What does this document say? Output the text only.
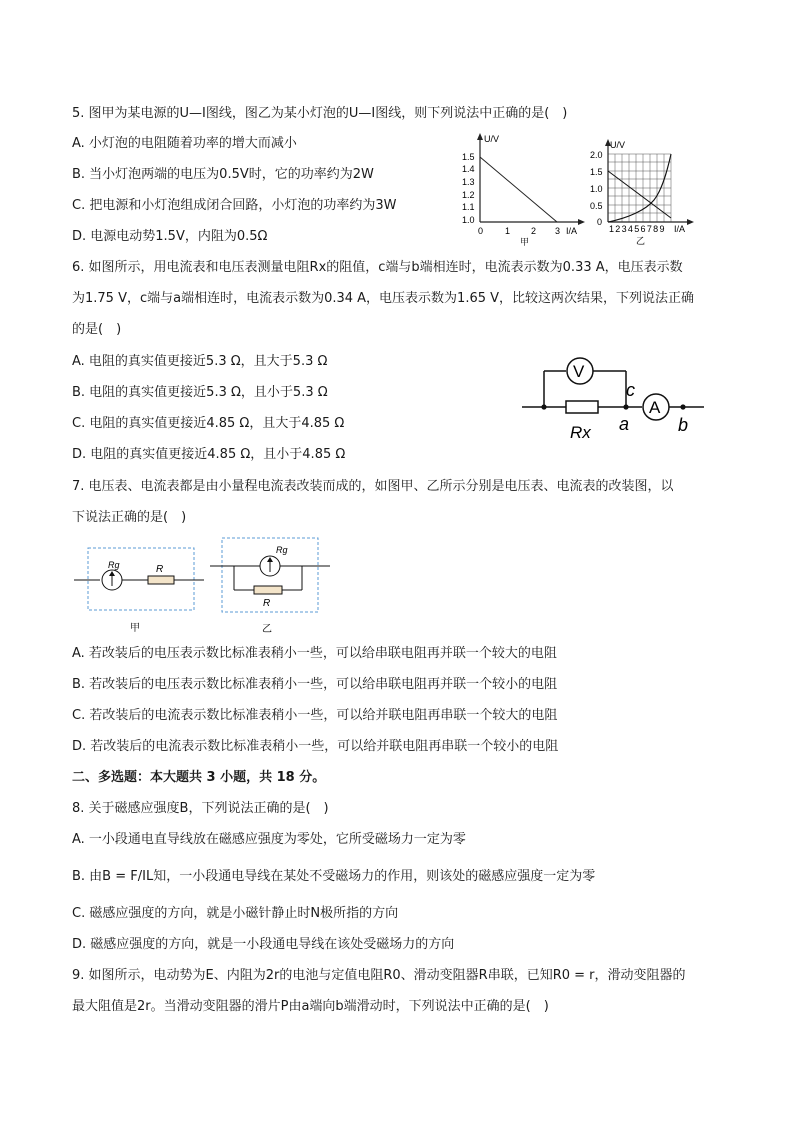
5. 图甲为某电源的U—I图线，图乙为某小灯泡的U—I图线，则下列说法中正确的是(　)
A. 小灯泡的电阻随着功率的增大而减小
B. 当小灯泡两端的电压为0.5V时，它的功率约为2W
C. 把电源和小灯泡组成闭合回路，小灯泡的功率约为3W
D. 电源电动势1.5V，内阻为0.5Ω
U/V
I/A
1.5
1.4
1.3
1.2
1.1
1.0
0 1 2 3
甲
U/V
I/A
2.0
1.5
1.0
0.5
0
123456789
乙
6. 如图所示，用电流表和电压表测量电阻Rx的阻值，c端与b端相连时，电流表示数为0.33 A，电压表示数
为1.75 V，c端与a端相连时，电流表示数为0.34 A，电压表示数为1.65 V，比较这两次结果，下列说法正确
的是(　)
A. 电阻的真实值更接近5.3 Ω，且大于5.3 Ω
B. 电阻的真实值更接近5.3 Ω，且小于5.3 Ω
C. 电阻的真实值更接近4.85 Ω，且大于4.85 Ω
D. 电阻的真实值更接近4.85 Ω，且小于4.85 Ω
V
A
c
a	b
Rx
7. 电压表、电流表都是由小量程电流表改装而成的，如图甲、乙所示分别是电压表、电流表的改装图，以
下说法正确的是(　)
Rg	R
甲
Rg
R
乙
A. 若改装后的电压表示数比标准表稍小一些，可以给串联电阻再并联一个较大的电阻
B. 若改装后的电压表示数比标准表稍小一些，可以给串联电阻再并联一个较小的电阻
C. 若改装后的电流表示数比标准表稍小一些，可以给并联电阻再串联一个较大的电阻
D. 若改装后的电流表示数比标准表稍小一些，可以给并联电阻再串联一个较小的电阻
二、多选题：本大题共 3 小题，共 18 分。
8. 关于磁感应强度B，下列说法正确的是(　)
A. 一小段通电直导线放在磁感应强度为零处，它所受磁场力一定为零
B. 由B = F/IL知，一小段通电导线在某处不受磁场力的作用，则该处的磁感应强度一定为零
C. 磁感应强度的方向，就是小磁针静止时N极所指的方向
D. 磁感应强度的方向，就是一小段通电导线在该处受磁场力的方向
9. 如图所示，电动势为E、内阻为2r的电池与定值电阻R0、滑动变阻器R串联，已知R0 = r，滑动变阻器的
最大阻值是2r。当滑动变阻器的滑片P由a端向b端滑动时，下列说法中正确的是(　)
